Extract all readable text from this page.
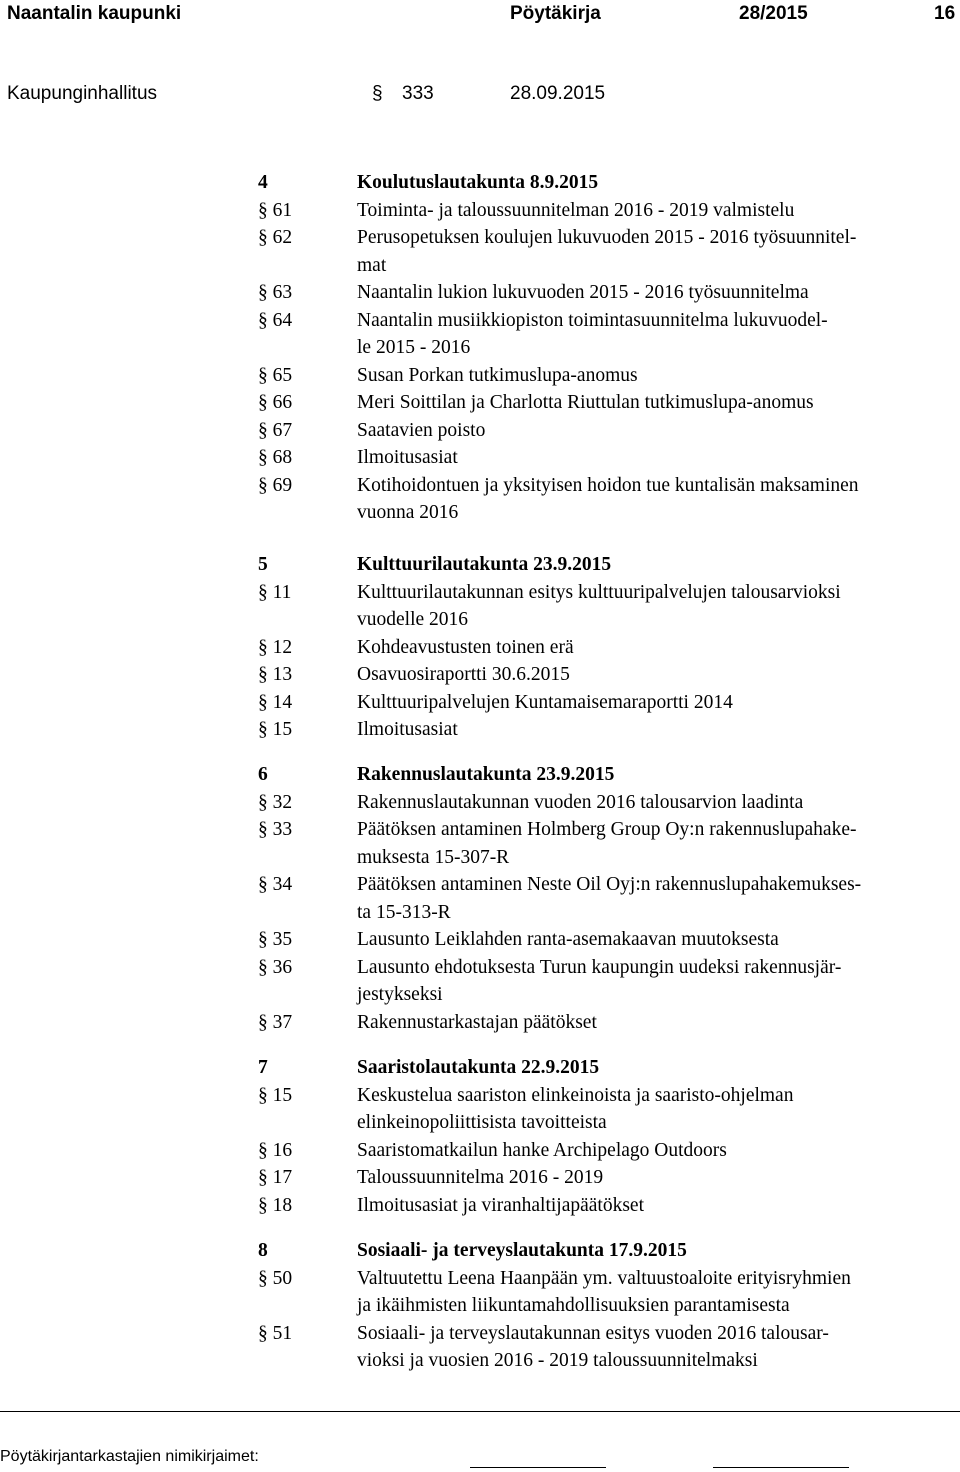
Naantalin kaupunki	Pöytäkirja	28/2015	16
Kaupunginhallitus	§ 333	28.09.2015
4	Koulutuslautakunta 8.9.2015
§ 61	Toiminta- ja taloussuunnitelman 2016 - 2019 valmistelu
§ 62	Perusopetuksen koulujen lukuvuoden 2015 - 2016 työsuunnitel-
mat
§ 63	Naantalin lukion lukuvuoden 2015 - 2016 työsuunnitelma
§ 64	Naantalin musiikkiopiston toimintasuunnitelma lukuvuodel-
le 2015 - 2016
§ 65	Susan Porkan tutkimuslupa-anomus
§ 66	Meri Soittilan ja Charlotta Riuttulan tutkimuslupa-anomus
§ 67	Saatavien poisto
§ 68	Ilmoitusasiat
§ 69	Kotihoidontuen ja yksityisen hoidon tue kuntalisän maksaminen
vuonna 2016
5	Kulttuurilautakunta 23.9.2015
§ 11	Kulttuurilautakunnan esitys kulttuuripalvelujen talousarvioksi
vuodelle 2016
§ 12	Kohdeavustusten toinen erä
§ 13	Osavuosiraportti 30.6.2015
§ 14	Kulttuuripalvelujen Kuntamaisemaraportti 2014
§ 15	Ilmoitusasiat
6	Rakennuslautakunta 23.9.2015
§ 32	Rakennuslautakunnan vuoden 2016 talousarvion laadinta
§ 33	Päätöksen antaminen Holmberg Group Oy:n rakennuslupahake-
muksesta 15-307-R
§ 34	Päätöksen antaminen Neste Oil Oyj:n rakennuslupahakemukses-
ta 15-313-R
§ 35	Lausunto Leiklahden ranta-asemakaavan muutoksesta
§ 36	Lausunto ehdotuksesta Turun kaupungin uudeksi rakennusjär-
jestykseksi
§ 37	Rakennustarkastajan päätökset
7	Saaristolautakunta 22.9.2015
§ 15	Keskustelua saariston elinkeinoista ja saaristo-ohjelman
elinkeinopoliittisista tavoitteista
§ 16	Saaristomatkailun hanke Archipelago Outdoors
§ 17	Taloussuunnitelma 2016 - 2019
§ 18	Ilmoitusasiat ja viranhaltijapäätökset
8	Sosiaali- ja terveyslautakunta 17.9.2015
§ 50	Valtuutettu Leena Haanpään ym. valtuustoaloite erityisryhmien
ja ikäihmisten liikuntamahdollisuuksien parantamisesta
§ 51	Sosiaali- ja terveyslautakunnan esitys vuoden 2016 talousar-
vioksi ja vuosien 2016 - 2019 taloussuunnitelmaksi
Pöytäkirjantarkastajien nimikirjaimet:
